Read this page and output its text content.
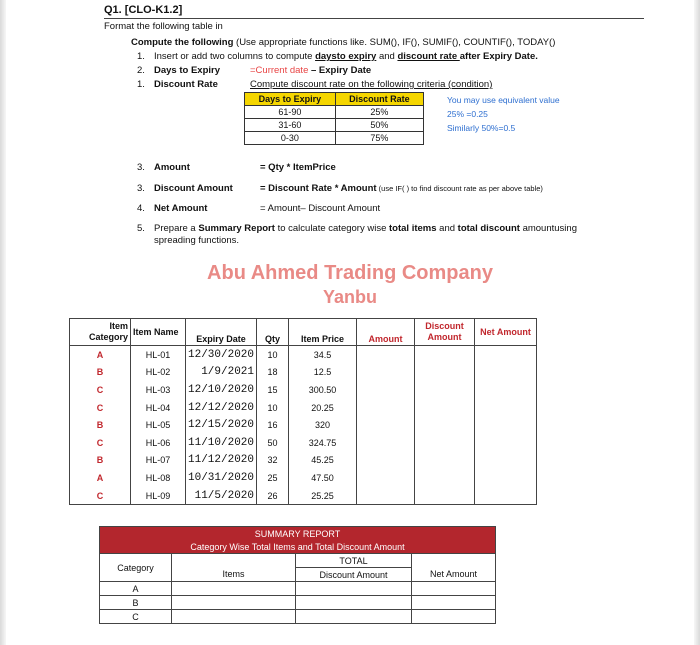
Q1. [CLO-K1.2]
Format the following table in
Compute the following (Use appropriate functions like. SUM(), IF(), SUMIF(), COUNTIF(), TODAY()
1. Insert or add two columns to compute daysto expiry and discount rate after Expiry Date.
2. Days to Expiry	=Current date – Expiry Date
1. Discount Rate	Compute discount rate on the following criteria (condition)
Days to Expiry	Discount Rate
61-90	25%
31-60	50%
0-30	75%
You may use equivalent value
25% =0.25
Similarly 50%=0.5
3. Amount	= Qty * ItemPrice
3. Discount Amount	= Discount Rate * Amount (use IF( ) to find discount rate as per above table)
4. Net Amount	= Amount– Discount Amount
5. Prepare a Summary Report to calculate category wise total items and total discount amountusing
spreading functions.
Abu Ahmed Trading Company
Yanbu
Item Category	Item Name	Expiry Date	Qty	Item Price	Amount	Discount Amount	Net Amount
A	HL-01	12/30/2020	10	34.5			
B	HL-02	1/9/2021	18	12.5			
C	HL-03	12/10/2020	15	300.50			
C	HL-04	12/12/2020	10	20.25			
B	HL-05	12/15/2020	16	320			
C	HL-06	11/10/2020	50	324.75			
B	HL-07	11/12/2020	32	45.25			
A	HL-08	10/31/2020	25	47.50			
C	HL-09	11/5/2020	26	25.25			
SUMMARY REPORT			
Category Wise Total Items and Total Discount Amount			
Category		TOTAL	
	Items	Discount Amount	Net Amount
A			
B			
C			
